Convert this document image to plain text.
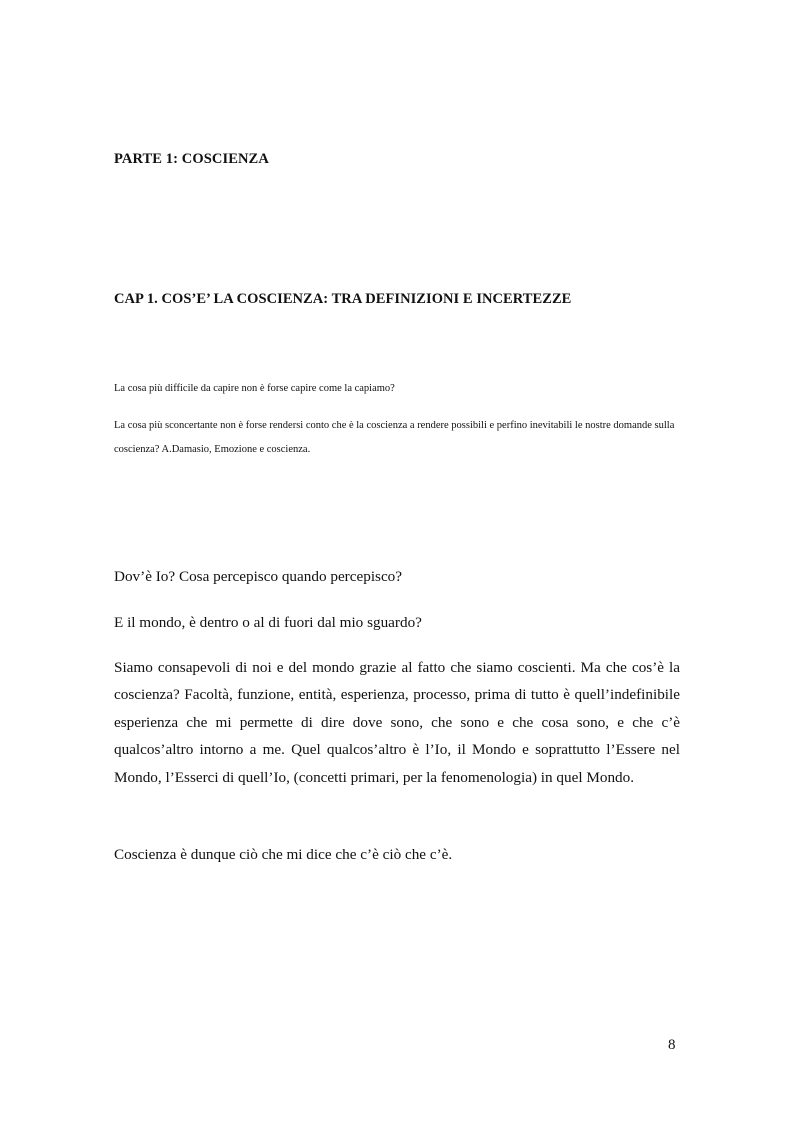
PARTE 1: COSCIENZA
CAP 1. COS’E’ LA COSCIENZA: TRA DEFINIZIONI E INCERTEZZE

La cosa più difficile da capire non è forse capire come la capiamo?

La cosa più sconcertante non è forse rendersi conto che è la coscienza a rendere possibili e perfino inevitabili le nostre domande sulla coscienza? A.Damasio, Emozione e coscienza.

Dov’è Io? Cosa percepisco quando percepisco?

E il mondo, è dentro o al di fuori dal mio sguardo?

Siamo consapevoli di noi e del mondo grazie al fatto che siamo coscienti. Ma che cos’è la coscienza? Facoltà, funzione, entità, esperienza, processo, prima di tutto è quell’indefinibile esperienza che mi permette di dire dove sono, che sono e che cosa sono, e che c’è qualcos’altro intorno a me. Quel qualcos’altro è l’Io, il Mondo e soprattutto l’Essere nel Mondo, l’Esserci di quell’Io, (concetti primari, per la fenomenologia) in quel Mondo.

Coscienza è dunque ciò che mi dice che c’è ciò che c’è.

8
